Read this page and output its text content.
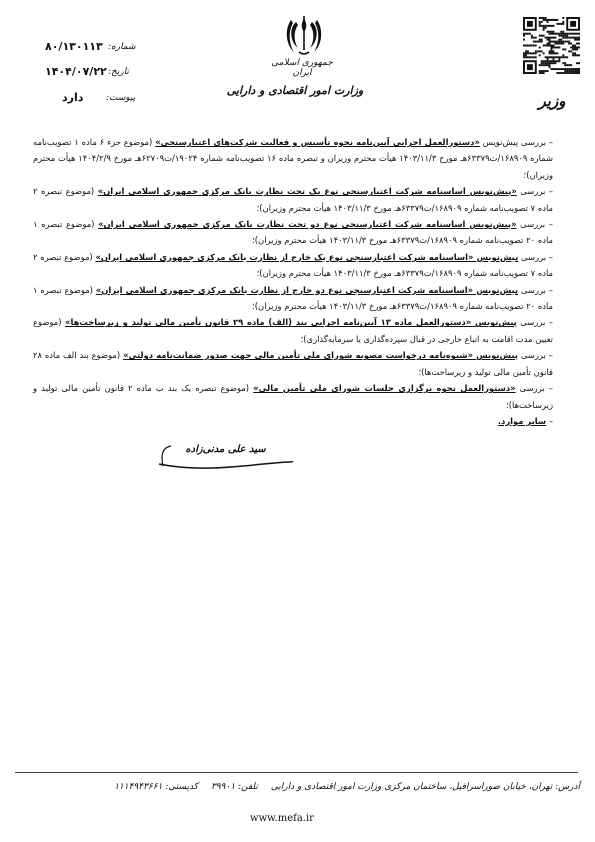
جمهوری اسلامی ایران
وزارت امور اقتصادی و دارایی
وزیر
شماره:
۸۰/۱۳۰۱۱۳
تاریخ:
۱۴۰۴/۰۷/۲۲
پیوست:
دارد

– بررسی پیش‌نویس «دستورالعمل اجرایی آیین‌نامه نحوه تأسیس و فعالیت شرکت‌های اعتبارسنجی» (موضوع جزء ۶ ماده ۱ تصویب‌نامه شماره ۱۶۸۹۰۹/ت۶۳۳۷۹هـ مورخ ۱۴۰۳/۱۱/۳ هیأت محترم وزیران و تبصره ماده ۱۶ تصویب‌نامه شماره ۱۹۰۲۴/ت۶۲۷۰۹هـ مورخ ۱۴۰۴/۲/۹ هیأت محترم وزیران)؛

– بررسی «پیش‌نویس اساسنامه شرکت اعتبارسنجی نوع یک تحت نظارت بانک مرکزی جمهوری اسلامی ایران» (موضوع تبصره ۲ ماده ۷ تصویب‌نامه شماره ۱۶۸۹۰۹/ت۶۳۳۷۹هـ مورخ ۱۴۰۳/۱۱/۳ هیأت محترم وزیران)؛

– بررسی «پیش‌نویس اساسنامه شرکت اعتبارسنجی نوع دو تحت نظارت بانک مرکزی جمهوری اسلامی ایران» (موضوع تبصره ۱ ماده ۲۰ تصویب‌نامه شماره ۱۶۸۹۰۹/ت۶۳۳۷۹هـ مورخ ۱۴۰۳/۱۱/۳ هیأت محترم وزیران)؛

– بررسی پیش‌نویس «اساسنامه شرکت اعتبارسنجی نوع یک خارج از نظارت بانک مرکزی جمهوری اسلامی ایران» (موضوع تبصره ۲ ماده ۷ تصویب‌نامه شماره ۱۶۸۹۰۹/ت۶۳۳۷۹هـ مورخ ۱۴۰۳/۱۱/۳ هیأت محترم وزیران)؛

– بررسی پیش‌نویس «اساسنامه شرکت اعتبارسنجی نوع دو خارج از نظارت بانک مرکزی جمهوری اسلامی ایران» (موضوع تبصره ۱ ماده ۲۰ تصویب‌نامه شماره ۱۶۸۹۰۹/ت۶۳۳۷۹هـ مورخ ۱۴۰۳/۱۱/۳ هیأت محترم وزیران)؛

– بررسی پیش‌نویس «دستورالعمل ماده ۱۳ آیین‌نامه اجرایی بند (الف) ماده ۲۹ قانون تأمین مالی تولید و زیرساخت‌ها» (موضوع تعیین مدت اقامت به اتباع خارجی در قبال سپرده‌گذاری یا سرمایه‌گذاری)؛

– بررسی پیش‌نویس «شیوه‌نامه درخواست مصوبه شورای ملی تأمین مالی جهت صدور ضمانت‌نامه دولتی» (موضوع بند الف ماده ۲۸ قانون تأمین مالی تولید و زیرساخت‌ها)؛

– بررسی «دستورالعمل نحوه برگزاری جلسات شورای ملی تأمین مالی» (موضوع تبصره یک بند ب ماده ۲ قانون تأمین مالی تولید و زیرساخت‌ها)؛

– سایر موارد.

سید علی مدنی‌زاده
آدرس: تهران، خیابان صوراسرافیل، ساختمان مرکزی وزارت امور اقتصادی و دارایی تلفن: ۳۹۹۰۱ کدپستی: ۱۱۱۴۹۴۳۶۶۱
www.mefa.ir
